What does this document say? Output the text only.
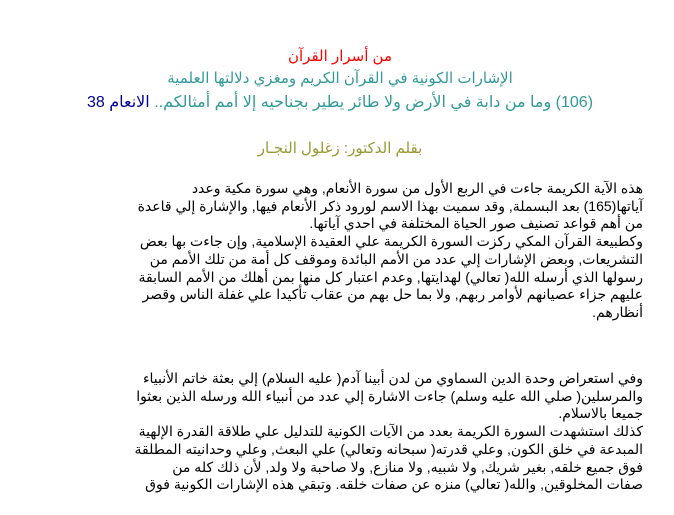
من أسرار القرآن
الإشارات الكونية في القرآن الكريم ومغزي دلالتها العلمية
(106) وما من دابة في الأرض ولا طائر يطير بجناحيه إلا أمم أمثالكم.. الانعام 38
بقلم الدكتور: زغلول النجـار

هذه الآية الكريمة جاءت في الربع الأول من سورة الأنعام, وهي سورة مكية وعدد

آياتها(165) بعد البسملة, وقد سميت بهذا الاسم لورود ذكر الأنعام فيها, والإشارة إلي قاعدة

من أهم قواعد تصنيف صور الحياة المختلفة في احدي آياتها.

وكطبيعة القرآن المكي ركزت السورة الكريمة علي العقيدة الإسلامية, وإن جاءت بها بعض

التشريعات, وبعض الإشارات إلي عدد من الأمم البائدة وموقف كل أمة من تلك الأمم من

رسولها الذي أرسله الله( تعالي) لهدايتها, وعدم اعتبار كل منها بمن أهلك من الأمم السابقة

عليهم جزاء عصيانهم لأوامر ربهم, ولا بما حل بهم من عقاب تأكيدا علي غفلة الناس وقصر

أنظارهم.

وفي استعراض وحدة الدين السماوي من لدن أبينا آدم( عليه السلام) إلي بعثة خاتم الأنبياء

والمرسلين( صلي الله عليه وسلم) جاءت الاشارة إلي عدد من أنبياء الله ورسله الذين بعثوا

جميعا بالاسلام.

كذلك استشهدت السورة الكريمة بعدد من الآيات الكونية للتدليل علي طلاقة القدرة الإلهية

المبدعة في خلق الكون, وعلي قدرته( سبحانه وتعالي) علي البعث, وعلي وحدانيته المطلقة

فوق جميع خلقه, بغير شريك, ولا شبيه, ولا منازع, ولا صاحبة ولا ولد, لأن ذلك كله من

صفات المخلوقين, والله( تعالي) منزه عن صفات خلقه. وتبقي هذه الإشارات الكونية فوق
